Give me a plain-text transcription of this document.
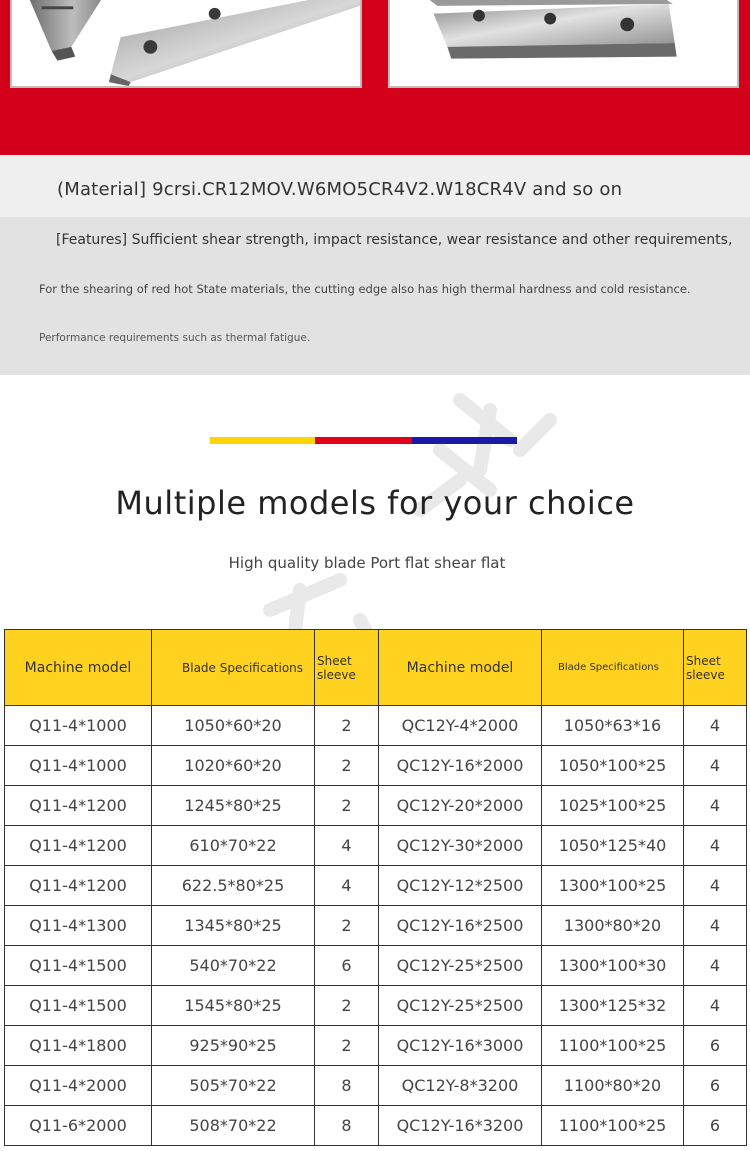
(Material] 9crsi.CR12MOV.W6MO5CR4V2.W18CR4V and so on
[Features] Sufficient shear strength, impact resistance, wear resistance and other requirements,
For the shearing of red hot State materials, the cutting edge also has high thermal hardness and cold resistance.
Performance requirements such as thermal fatigue.
Multiple models for your choice
High quality blade Port flat shear flat
Machine model	Blade Specifications	Sheet sleeve	Machine model	Blade Specifications	Sheet sleeve
Q11-4*1000	1050*60*20	2	QC12Y-4*2000	1050*63*16	4
Q11-4*1000	1020*60*20	2	QC12Y-16*2000	1050*100*25	4
Q11-4*1200	1245*80*25	2	QC12Y-20*2000	1025*100*25	4
Q11-4*1200	610*70*22	4	QC12Y-30*2000	1050*125*40	4
Q11-4*1200	622.5*80*25	4	QC12Y-12*2500	1300*100*25	4
Q11-4*1300	1345*80*25	2	QC12Y-16*2500	1300*80*20	4
Q11-4*1500	540*70*22	6	QC12Y-25*2500	1300*100*30	4
Q11-4*1500	1545*80*25	2	QC12Y-25*2500	1300*125*32	4
Q11-4*1800	925*90*25	2	QC12Y-16*3000	1100*100*25	6
Q11-4*2000	505*70*22	8	QC12Y-8*3200	1100*80*20	6
Q11-6*2000	508*70*22	8	QC12Y-16*3200	1100*100*25	6
